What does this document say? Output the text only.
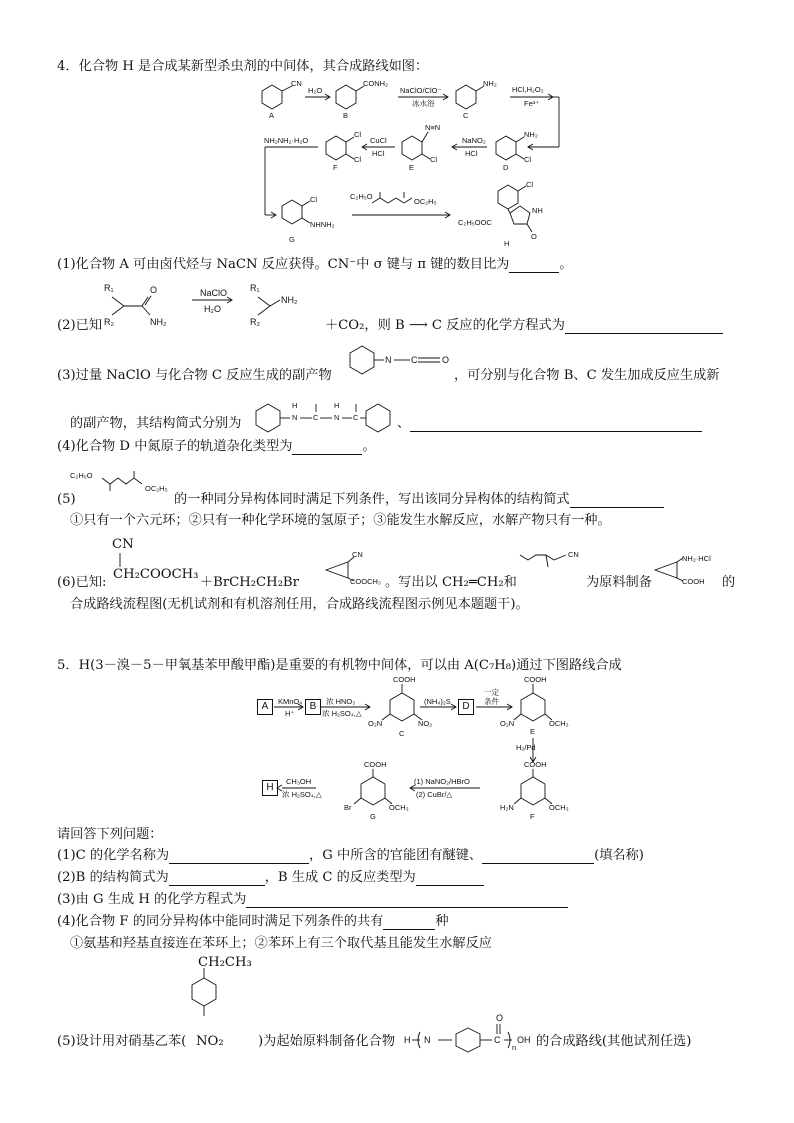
4．化合物 H 是合成某新型杀虫剂的中间体，其合成路线如图：
CN
A
H₂O
CONH₂
B
NaClO/ClO⁻
冰水浴
NH₂
C
HCl,H₂O₂
Fe³⁺
NH₂
Cl
D
NaNO₂
HCl
N≡N
Cl
E
CuCl
HCl
NH₂NH₂·H₂O
Cl
Cl
F
Cl
NHNH₂
G
C₂H₅O
OC₂H₅
Cl
C₂H₅OOC
NH
O
H
(1)化合物 A 可由卤代烃与 NaCN 反应获得。CN⁻中 σ 键与 π 键的数目比为	。
(2)已知
R₁
R₂
O
NH₂
NaClO
H₂O
R₁
R₂
NH₂
＋CO₂，则 B ⟶ C 反应的化学方程式为
(3)过量 NaClO 与化合物 C 反应生成的副产物
N C	O
，可分别与化合物 B、C 发生加成反应生成新
的副产物，其结构简式分别为
H
N C
H
N C	、
(4)化合物 D 中氮原子的轨道杂化类型为	。
(5)
C₂H₅O
OC₂H₅
的一种同分异构体同时满足下列条件，写出该同分异构体的结构简式
①只有一个六元环；②只有一种化学环境的氢原子；③能发生水解反应，水解产物只有一种。
(6)已知:
CN
CH₂COOCH₃
＋BrCH₂CH₂Br
CN
COOCH₃ 。写出以 CH₂═CH₂和
CN
为原料制备
NH₂·HCl
COOH 的
合成路线流程图(无机试剂和有机溶剂任用，合成路线流程图示例见本题题干)。
5．H(3－溴－5－甲氧基苯甲酸甲酯)是重要的有机物中间体，可以由 A(C₇H₈)通过下图路线合成
A	KMnO₄
H⁺
B	浓 HNO₃
浓 H₂SO₄,△
COOH
O₂N	NO₂
C
(NH₄)₂S	D
一定
条件
COOH
O₂N	OCH₃
E
H₂/Pd
COOH
H₂N	OCH₃
F
(1) NaNO₂/HBrO
(2) CuBr/△
COOH
Br	OCH₃
G
H
CH₃OH
浓 H₂SO₄,△
请回答下列问题：
(1)C 的化学名称为	，G 中所含的官能团有醚键、	(填名称)
(2)B 的结构简式为	，B 生成 C 的反应类型为
(3)由 G 生成 H 的化学方程式为
(4)化合物 F 的同分异构体中能同时满足下列条件的共有	种
①氨基和羟基直接连在苯环上；②苯环上有三个取代基且能发生水解反应
CH₂CH₃
NO₂
(5)设计用对硝基乙苯(	)为起始原料制备化合物 H N
O
C
n
OH 的合成路线(其他试剂任选)
